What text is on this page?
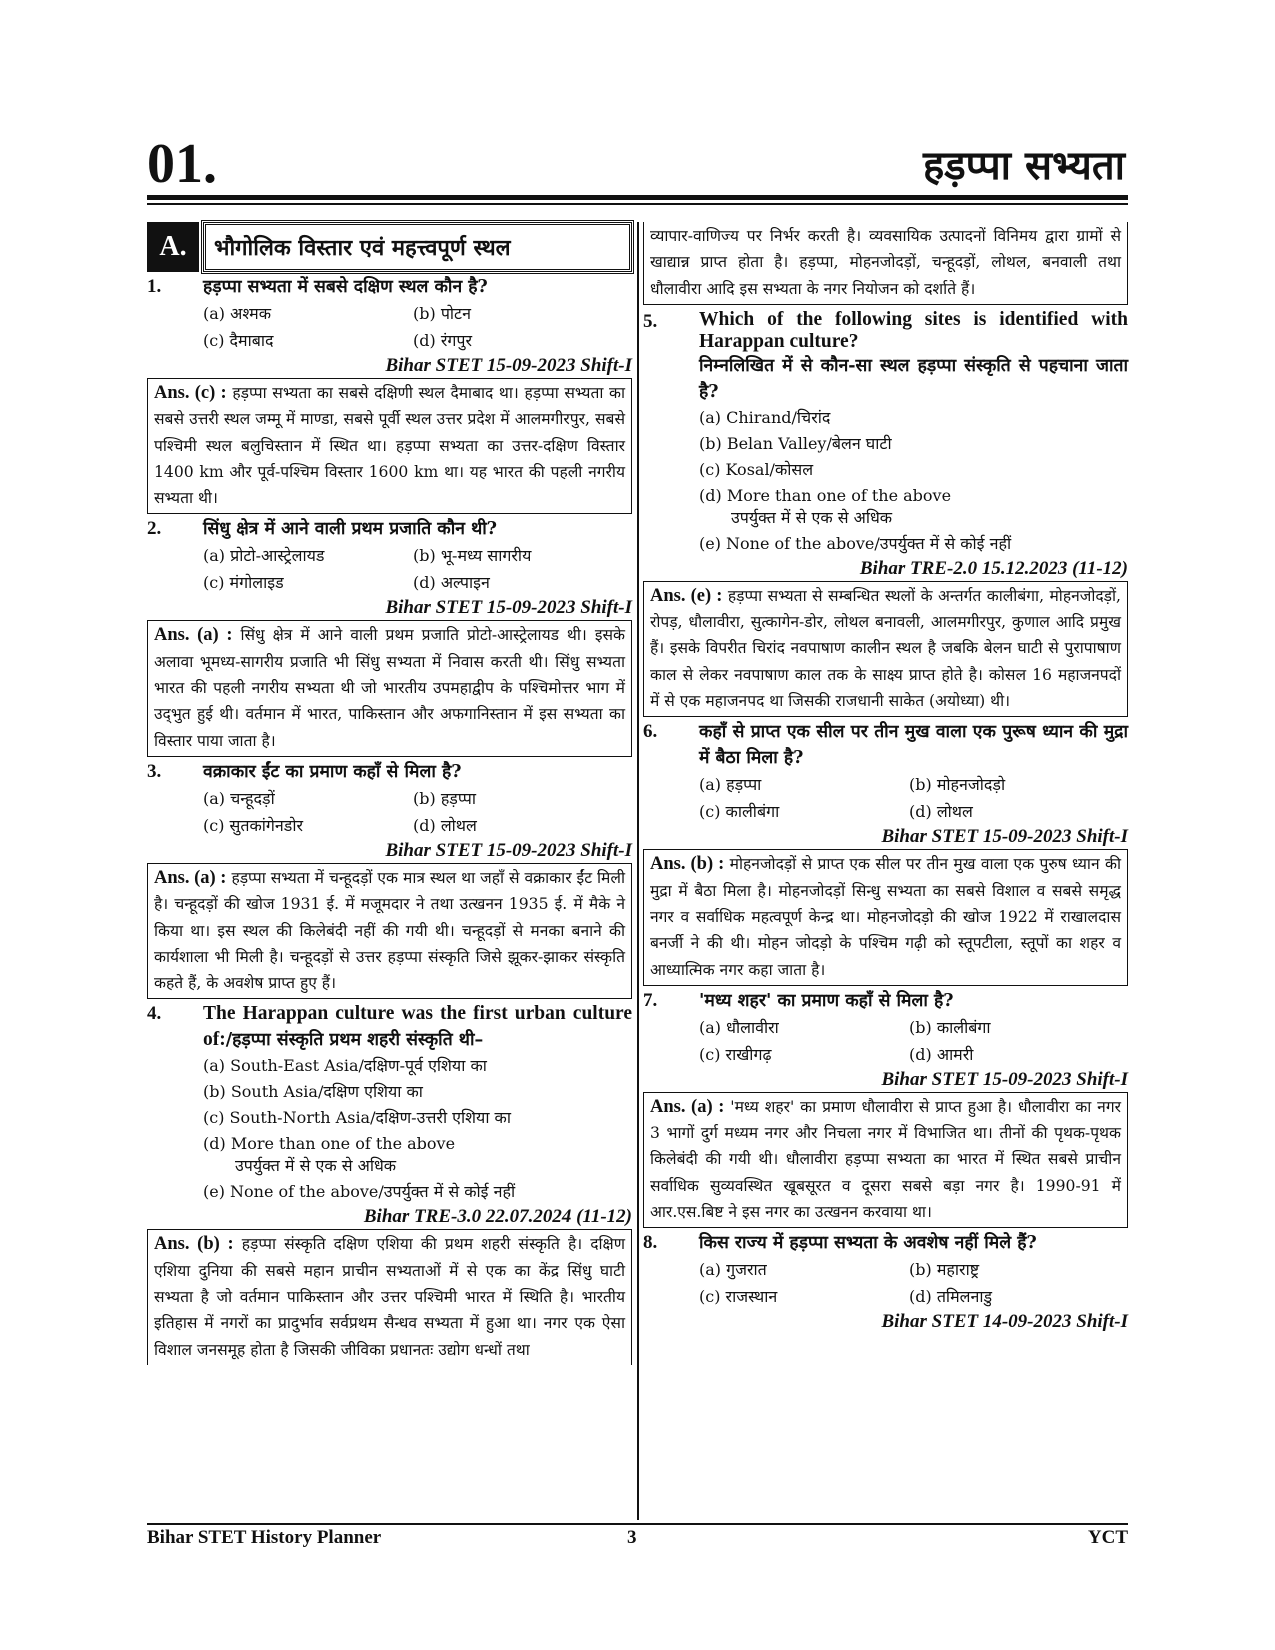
01.	हड़प्पा सभ्यता
A.	भौगोलिक विस्तार एवं महत्त्वपूर्ण स्थल
1.	हड़प्पा सभ्यता में सबसे दक्षिण स्थल कौन है?
(a) अश्मक	(b) पोटन
(c) दैमाबाद	(d) रंगपुर
Bihar STET 15-09-2023 Shift-I
Ans. (c) : हड़प्पा सभ्यता का सबसे दक्षिणी स्थल दैमाबाद था। हड़प्पा सभ्यता का सबसे उत्तरी स्थल जम्मू में माण्डा, सबसे पूर्वी स्थल उत्तर प्रदेश में आलमगीरपुर, सबसे पश्चिमी स्थल बलुचिस्तान में स्थित था। हड़प्पा सभ्यता का उत्तर-दक्षिण विस्तार 1400 km और पूर्व-पश्चिम विस्तार 1600 km था। यह भारत की पहली नगरीय सभ्यता थी।
2.	सिंधु क्षेत्र में आने वाली प्रथम प्रजाति कौन थी?
(a) प्रोटो-आस्ट्रेलायड	(b) भू-मध्य सागरीय
(c) मंगोलाइड	(d) अल्पाइन
Bihar STET 15-09-2023 Shift-I
Ans. (a) : सिंधु क्षेत्र में आने वाली प्रथम प्रजाति प्रोटो-आस्ट्रेलायड थी। इसके अलावा भूमध्य-सागरीय प्रजाति भी सिंधु सभ्यता में निवास करती थी। सिंधु सभ्यता भारत की पहली नगरीय सभ्यता थी जो भारतीय उपमहाद्वीप के पश्चिमोत्तर भाग में उद्‌भुत हुई थी। वर्तमान में भारत, पाकिस्तान और अफगानिस्तान में इस सभ्यता का विस्तार पाया जाता है।
3.	वक्राकार ईंट का प्रमाण कहाँ से मिला है?
(a) चन्हूदड़ों	(b) हड़प्पा
(c) सुतकांगेनडोर	(d) लोथल
Bihar STET 15-09-2023 Shift-I
Ans. (a) : हड़प्पा सभ्यता में चन्हूदड़ों एक मात्र स्थल था जहाँ से वक्राकार ईंट मिली है। चन्हूदड़ों की खोज 1931 ई. में मजूमदार ने तथा उत्खनन 1935 ई. में मैके ने किया था। इस स्थल की किलेबंदी नहीं की गयी थी। चन्हूदड़ों से मनका बनाने की कार्यशाला भी मिली है। चन्हूदड़ों से उत्तर हड़प्पा संस्कृति जिसे झूकर-झाकर संस्कृति कहते हैं, के अवशेष प्राप्त हुए हैं।
4.	The Harappan culture was the first urban culture of:/हड़प्पा संस्कृति प्रथम शहरी संस्कृति थी–
(a) South-East Asia/दक्षिण-पूर्व एशिया का
(b) South Asia/दक्षिण एशिया का
(c) South-North Asia/दक्षिण-उत्तरी एशिया का
(d) More than one of the above
उपर्युक्त में से एक से अधिक
(e) None of the above/उपर्युक्त में से कोई नहीं
Bihar TRE-3.0 22.07.2024 (11-12)
Ans. (b) : हड़प्पा संस्कृति दक्षिण एशिया की प्रथम शहरी संस्कृति है। दक्षिण एशिया दुनिया की सबसे महान प्राचीन सभ्यताओं में से एक का केंद्र सिंधु घाटी सभ्यता है जो वर्तमान पाकिस्तान और उत्तर पश्चिमी भारत में स्थिति है। भारतीय इतिहास में नगरों का प्रादुर्भाव सर्वप्रथम सैन्धव सभ्यता में हुआ था। नगर एक ऐसा विशाल जनसमूह होता है जिसकी जीविका प्रधानतः उद्योग धन्धों तथा
व्यापार-वाणिज्य पर निर्भर करती है। व्यवसायिक उत्पादनों विनिमय द्वारा ग्रामों से खाद्यान्न प्राप्त होता है। हड़प्पा, मोहनजोदड़ों, चन्हूदड़ों, लोथल, बनवाली तथा धौलावीरा आदि इस सभ्यता के नगर नियोजन को दर्शाते हैं।
5.	Which of the following sites is identified with Harappan culture?
निम्नलिखित में से कौन-सा स्थल हड़प्पा संस्कृति से पहचाना जाता है?
(a) Chirand/चिरांद
(b) Belan Valley/बेलन घाटी
(c) Kosal/कोसल
(d) More than one of the above
उपर्युक्त में से एक से अधिक
(e) None of the above/उपर्युक्त में से कोई नहीं
Bihar TRE-2.0 15.12.2023 (11-12)
Ans. (e) : हड़प्पा सभ्यता से सम्बन्धित स्थलों के अन्तर्गत कालीबंगा, मोहनजोदड़ों, रोपड़, धौलावीरा, सुत्कागेन-डोर, लोथल बनावली, आलमगीरपुर, कुणाल आदि प्रमुख हैं। इसके विपरीत चिरांद नवपाषाण कालीन स्थल है जबकि बेलन घाटी से पुरापाषाण काल से लेकर नवपाषाण काल तक के साक्ष्य प्राप्त होते है। कोसल 16 महाजनपदों में से एक महाजनपद था जिसकी राजधानी साकेत (अयोध्या) थी।
6.	कहाँ से प्राप्त एक सील पर तीन मुख वाला एक पुरूष ध्यान की मुद्रा में बैठा मिला है?
(a) हड़प्पा	(b) मोहनजोदड़ो
(c) कालीबंगा	(d) लोथल
Bihar STET 15-09-2023 Shift-I
Ans. (b) : मोहनजोदड़ों से प्राप्त एक सील पर तीन मुख वाला एक पुरुष ध्यान की मुद्रा में बैठा मिला है। मोहनजोदड़ों सिन्धु सभ्यता का सबसे विशाल व सबसे समृद्ध नगर व सर्वाधिक महत्वपूर्ण केन्द्र था। मोहनजोदड़ो की खोज 1922 में राखालदास बनर्जी ने की थी। मोहन जोदड़ो के पश्चिम गढ़ी को स्तूपटीला, स्तूपों का शहर व आध्यात्मिक नगर कहा जाता है।
7.	'मध्य शहर' का प्रमाण कहाँ से मिला है?
(a) धौलावीरा	(b) कालीबंगा
(c) राखीगढ़	(d) आमरी
Bihar STET 15-09-2023 Shift-I
Ans. (a) : 'मध्य शहर' का प्रमाण धौलावीरा से प्राप्त हुआ है। धौलावीरा का नगर 3 भागों दुर्ग मध्यम नगर और निचला नगर में विभाजित था। तीनों की पृथक-पृथक किलेबंदी की गयी थी। धौलावीरा हड़प्पा सभ्यता का भारत में स्थित सबसे प्राचीन सर्वाधिक सुव्यवस्थित खूबसूरत व दूसरा सबसे बड़ा नगर है। 1990-91 में आर.एस.बिष्ट ने इस नगर का उत्खनन करवाया था।
8.	किस राज्य में हड़प्पा सभ्यता के अवशेष नहीं मिले हैं?
(a) गुजरात	(b) महाराष्ट्र
(c) राजस्थान	(d) तमिलनाडु
Bihar STET 14-09-2023 Shift-I
Bihar STET History Planner	3	YCT
